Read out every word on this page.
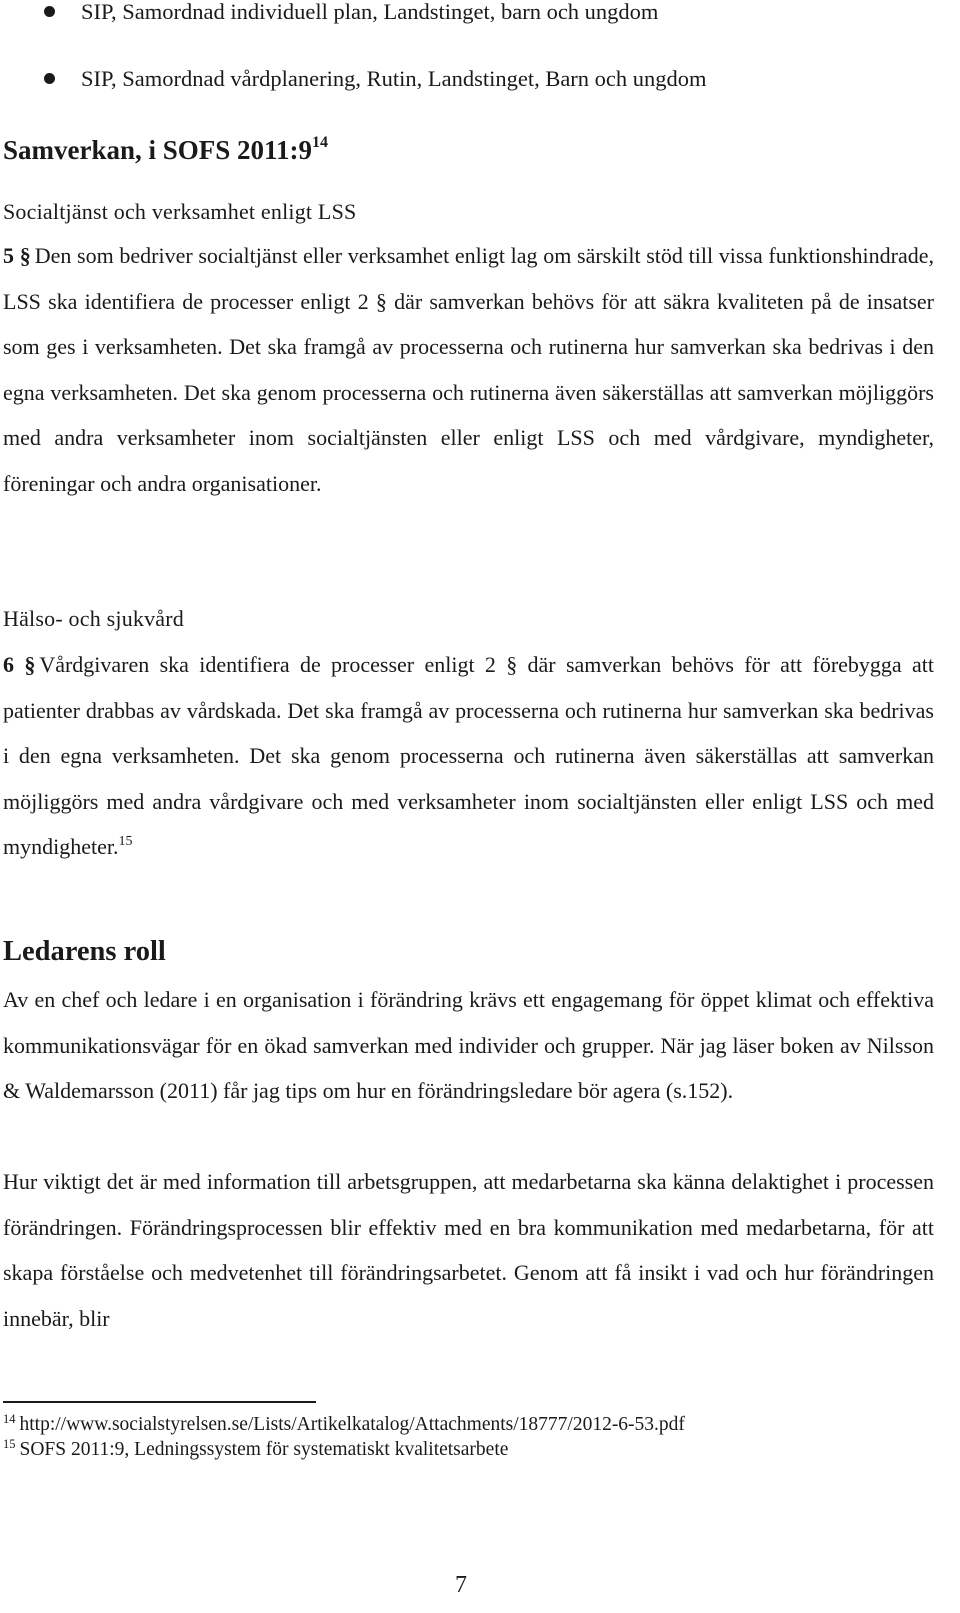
SIP, Samordnad individuell plan, Landstinget, barn och ungdom
SIP, Samordnad vårdplanering, Rutin, Landstinget, Barn och ungdom
Samverkan, i SOFS $2011:9^{14}$
Socialtjänst och verksamhet enligt LSS
5 § Den som bedriver socialtjänst eller verksamhet enligt lag om särskilt stöd till vissa funktionshindrade, LSS ska identifiera de processer enligt 2 § där samverkan behövs för att säkra kvaliteten på de insatser som ges i verksamheten. Det ska framgå av processerna och rutinerna hur samverkan ska bedrivas i den egna verksamheten. Det ska genom processerna och rutinerna även säkerställas att samverkan möjliggörs med andra verksamheter inom socialtjänsten eller enligt LSS och med vårdgivare, myndigheter, föreningar och andra organisationer.
Hälso- och sjukvård
6 § Vårdgivaren ska identifiera de processer enligt 2 § där samverkan behövs för att förebygga att patienter drabbas av vårdskada. Det ska framgå av processerna och rutinerna hur samverkan ska bedrivas i den egna verksamheten. Det ska genom processerna och rutinerna även säkerställas att samverkan möjliggörs med andra vårdgivare och med verksamheter inom socialtjänsten eller enligt LSS och med myndigheter.$^{15}$
Ledarens roll
Av en chef och ledare i en organisation i förändring krävs ett engagemang för öppet klimat och effektiva kommunikationsvägar för en ökad samverkan med individer och grupper. När jag läser boken av Nilsson & Waldemarsson (2011) får jag tips om hur en förändringsledare bör agera (s.152).
Hur viktigt det är med information till arbetsgruppen, att medarbetarna ska känna delaktighet i processen förändringen. Förändringsprocessen blir effektiv med en bra kommunikation med medarbetarna, för att skapa förståelse och medvetenhet till förändringsarbetet. Genom att få insikt i vad och hur förändringen innebär, blir
$^{14}$ http://www.socialstyrelsen.se/Lists/Artikelkatalog/Attachments/18777/2012-6-53.pdf
$^{15}$ SOFS 2011:9, Ledningssystem för systematiskt kvalitetsarbete
7
